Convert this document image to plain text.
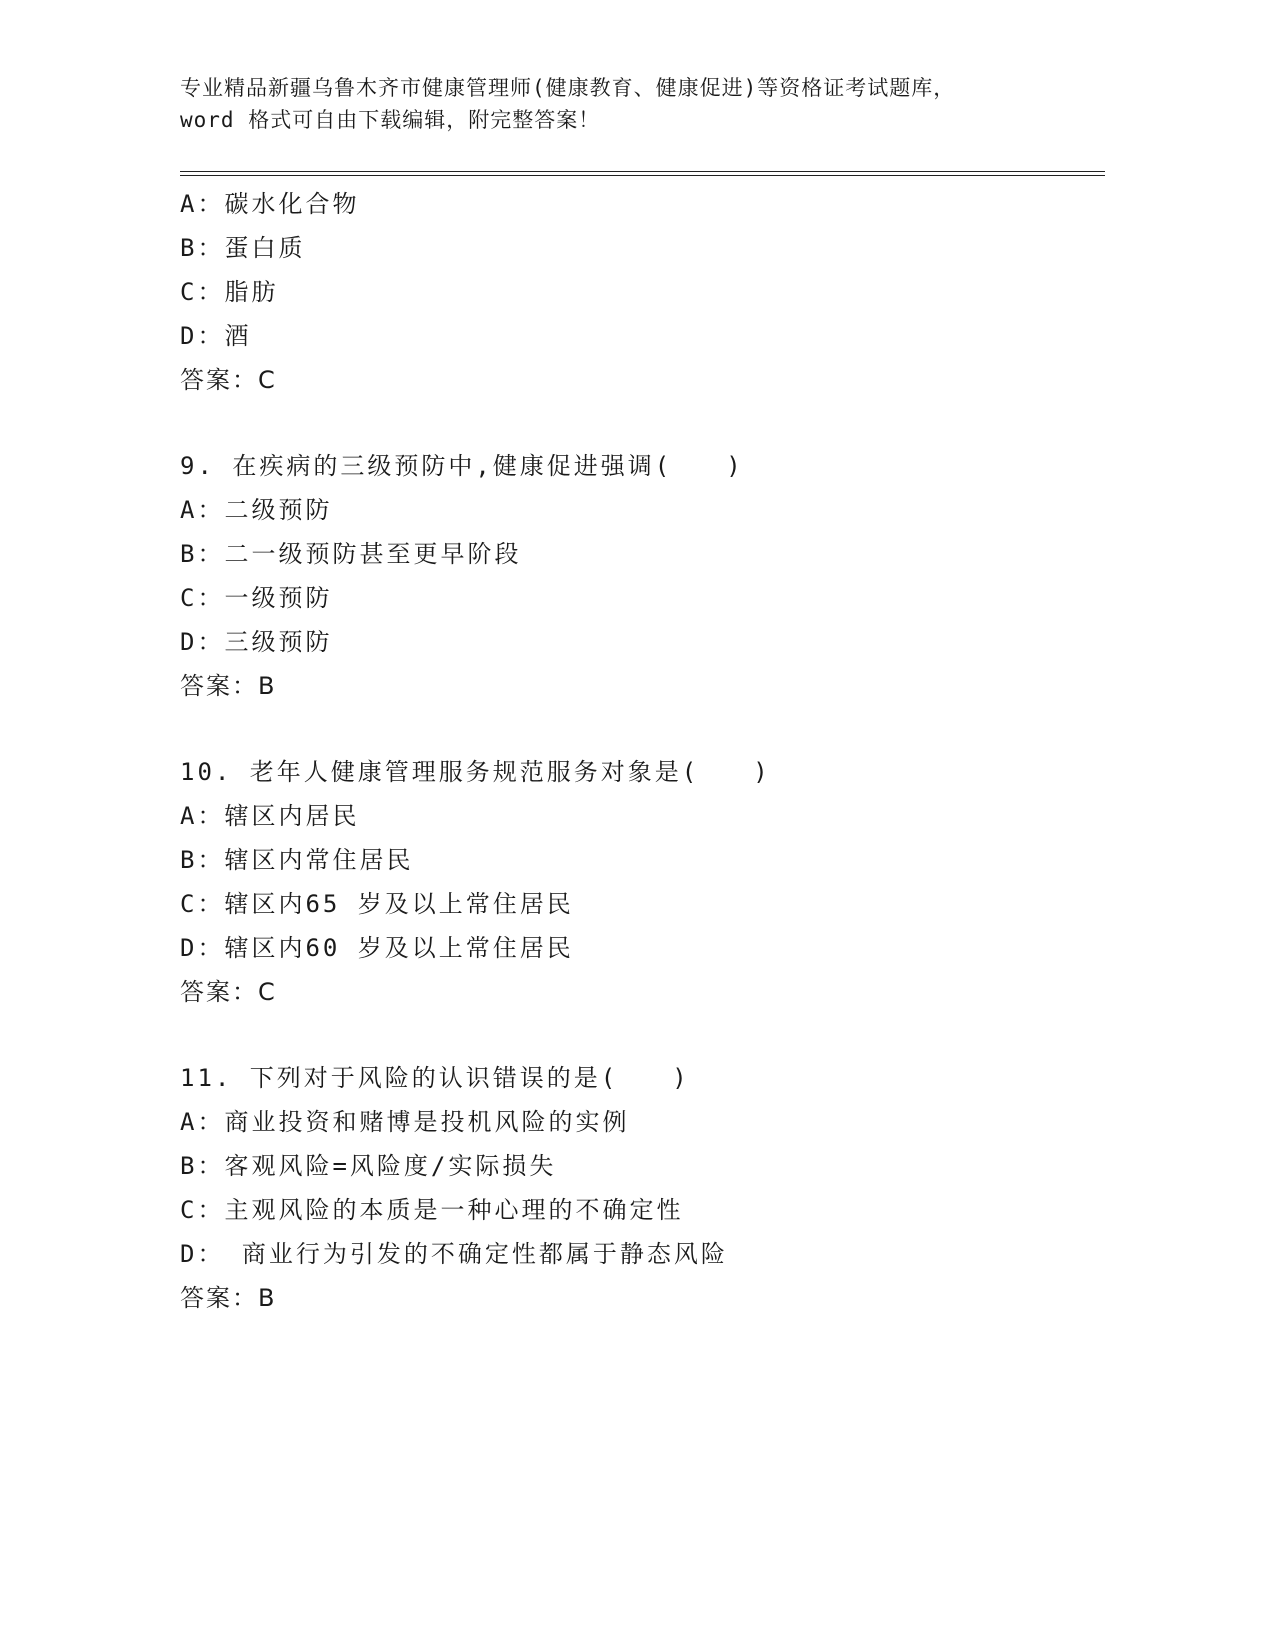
专业精品新疆乌鲁木齐市健康管理师(健康教育、健康促进)等资格证考试题库，
word 格式可自由下载编辑，附完整答案！
A：碳水化合物
B：蛋白质
C：脂肪
D：酒
答案：C
9. 在疾病的三级预防中,健康促进强调(　　)
A：二级预防
B：二一级预防甚至更早阶段
C：一级预防
D：三级预防
答案：B
10. 老年人健康管理服务规范服务对象是(　　)
A：辖区内居民
B：辖区内常住居民
C：辖区内65 岁及以上常住居民
D：辖区内60 岁及以上常住居民
答案：C
11. 下列对于风险的认识错误的是(　　)
A：商业投资和赌博是投机风险的实例
B：客观风险=风险度/实际损失
C：主观风险的本质是一种心理的不确定性
D： 商业行为引发的不确定性都属于静态风险
答案：B
